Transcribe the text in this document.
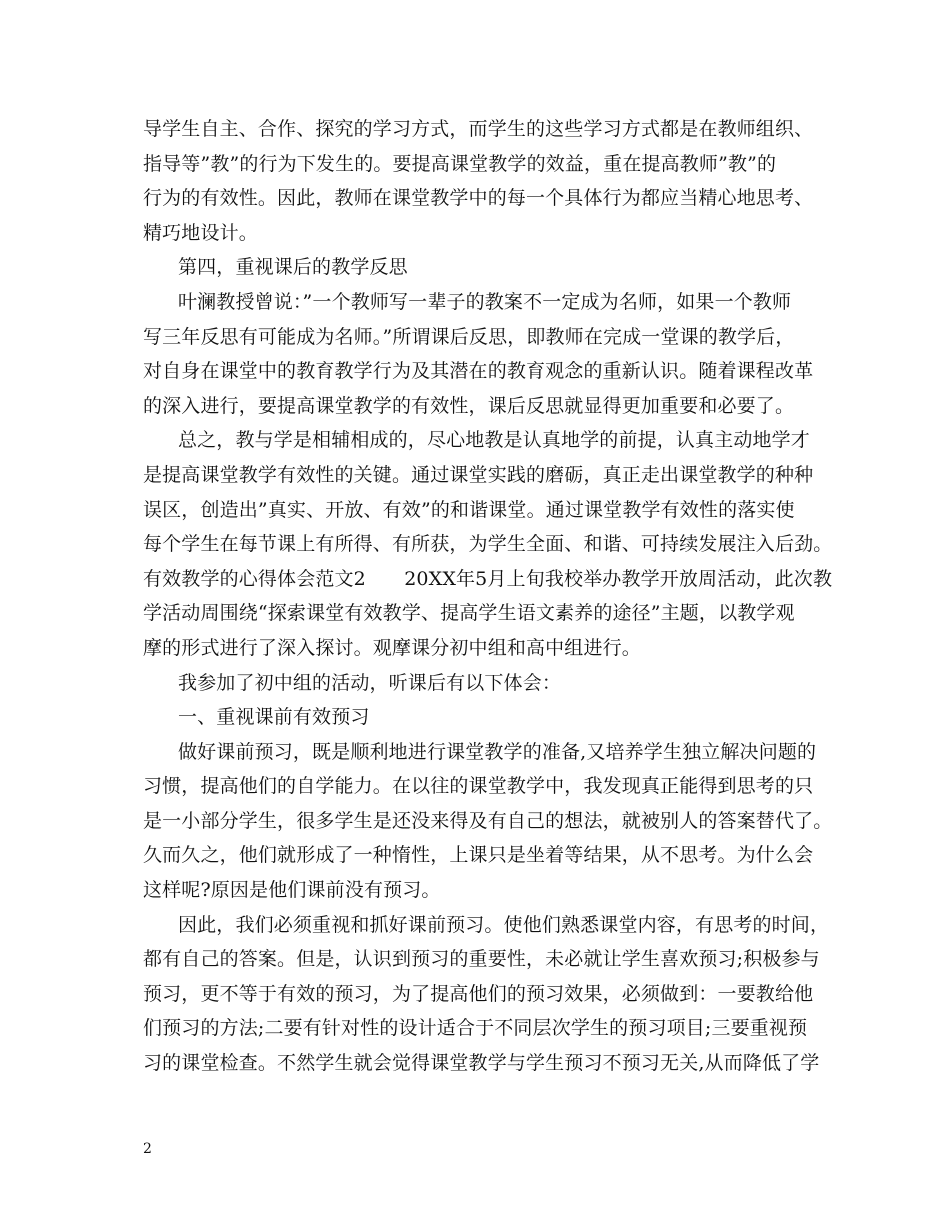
导学生自主、合作、探究的学习方式，而学生的这些学习方式都是在教师组织、
指导等”教”的行为下发生的。要提高课堂教学的效益，重在提高教师”教”的
行为的有效性。因此，教师在课堂教学中的每一个具体行为都应当精心地思考、
精巧地设计。
第四，重视课后的教学反思
叶澜教授曾说：”一个教师写一辈子的教案不一定成为名师，如果一个教师
写三年反思有可能成为名师。”所谓课后反思，即教师在完成一堂课的教学后，
对自身在课堂中的教育教学行为及其潜在的教育观念的重新认识。随着课程改革
的深入进行，要提高课堂教学的有效性，课后反思就显得更加重要和必要了。
总之，教与学是相辅相成的，尽心地教是认真地学的前提，认真主动地学才
是提高课堂教学有效性的关键。通过课堂实践的磨砺，真正走出课堂教学的种种
误区，创造出”真实、开放、有效”的和谐课堂。通过课堂教学有效性的落实使
每个学生在每节课上有所得、有所获，为学生全面、和谐、可持续发展注入后劲。
有效教学的心得体会范文2　　20XX年5月上旬我校举办教学开放周活动，此次教
学活动周围绕“探索课堂有效教学、提高学生语文素养的途径”主题，以教学观
摩的形式进行了深入探讨。观摩课分初中组和高中组进行。
我参加了初中组的活动，听课后有以下体会：
一、重视课前有效预习
做好课前预习，既是顺利地进行课堂教学的准备,又培养学生独立解决问题的
习惯，提高他们的自学能力。在以往的课堂教学中，我发现真正能得到思考的只
是一小部分学生，很多学生是还没来得及有自己的想法，就被别人的答案替代了。
久而久之，他们就形成了一种惰性，上课只是坐着等结果，从不思考。为什么会
这样呢?原因是他们课前没有预习。
因此，我们必须重视和抓好课前预习。使他们熟悉课堂内容，有思考的时间，
都有自己的答案。但是，认识到预习的重要性，未必就让学生喜欢预习;积极参与
预习，更不等于有效的预习，为了提高他们的预习效果，必须做到：一要教给他
们预习的方法;二要有针对性的设计适合于不同层次学生的预习项目;三要重视预
习的课堂检查。不然学生就会觉得课堂教学与学生预习不预习无关,从而降低了学
2
